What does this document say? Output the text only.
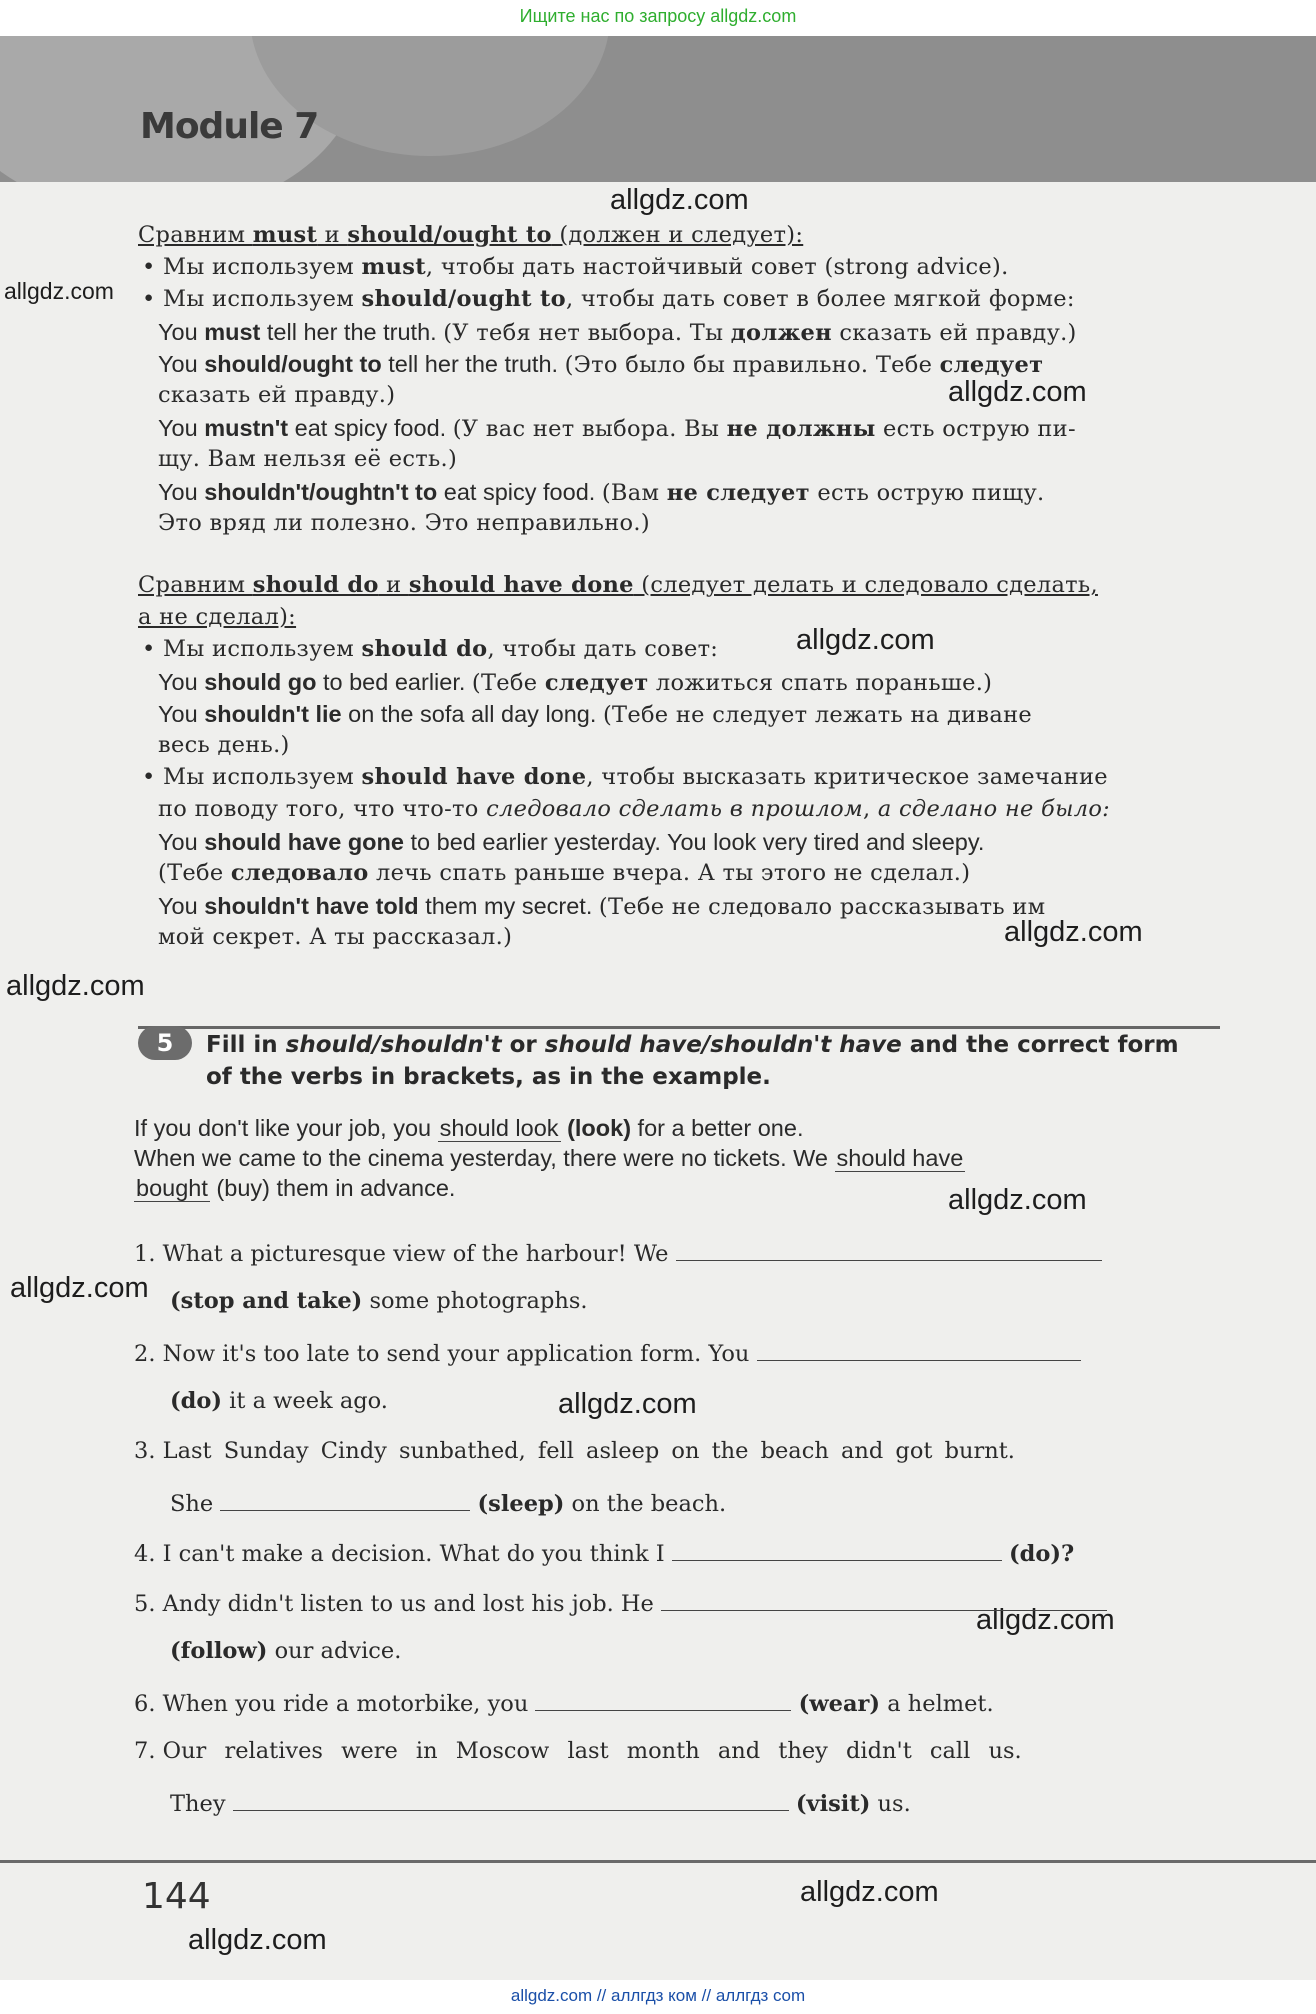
Ищите нас по запросу allgdz.com
Module 7
allgdz.com
allgdz.com
allgdz.com
allgdz.com
allgdz.com
allgdz.com
allgdz.com
allgdz.com
allgdz.com
allgdz.com
allgdz.com
allgdz.com
Сравним must и should/ought to (должен и следует):
• Мы используем must, чтобы дать настойчивый совет (strong advice).
• Мы используем should/ought to, чтобы дать совет в более мягкой форме:
You must tell her the truth. (У тебя нет выбора. Ты должен сказать ей правду.)
You should/ought to tell her the truth. (Это было бы правильно. Тебе следует
сказать ей правду.)
You mustn't eat spicy food. (У вас нет выбора. Вы не должны есть острую пи-
щу. Вам нельзя её есть.)
You shouldn't/oughtn't to eat spicy food. (Вам не следует есть острую пищу.
Это вряд ли полезно. Это неправильно.)
Сравним should do и should have done (следует делать и следовало сделать,
а не сделал):
• Мы используем should do, чтобы дать совет:
You should go to bed earlier. (Тебе следует ложиться спать пораньше.)
You shouldn't lie on the sofa all day long. (Тебе не следует лежать на диване
весь день.)
• Мы используем should have done, чтобы высказать критическое замечание
по поводу того, что что-то следовало сделать в прошлом, а сделано не было:
You should have gone to bed earlier yesterday. You look very tired and sleepy.
(Тебе следовало лечь спать раньше вчера. А ты этого не сделал.)
You shouldn't have told them my secret. (Тебе не следовало рассказывать им
мой секрет. А ты рассказал.)
5	Fill in should/shouldn't or should have/shouldn't have and the correct form
of the verbs in brackets, as in the example.
If you don't like your job, you should look (look) for a better one.
When we came to the cinema yesterday, there were no tickets. We should have
bought (buy) them in advance.
1. What a picturesque view of the harbour! We
(stop and take) some photographs.
2. Now it's too late to send your application form. You
(do) it a week ago.
3. Last Sunday Cindy sunbathed, fell asleep on the beach and got burnt.
She	(sleep) on the beach.
4. I can't make a decision. What do you think I	(do)?
5. Andy didn't listen to us and lost his job. He
(follow) our advice.
6. When you ride a motorbike, you	(wear) a helmet.
7. Our relatives were in Moscow last month and they didn't call us.
They	(visit) us.
144
allgdz.com // аллгдз ком // аллгдз com
